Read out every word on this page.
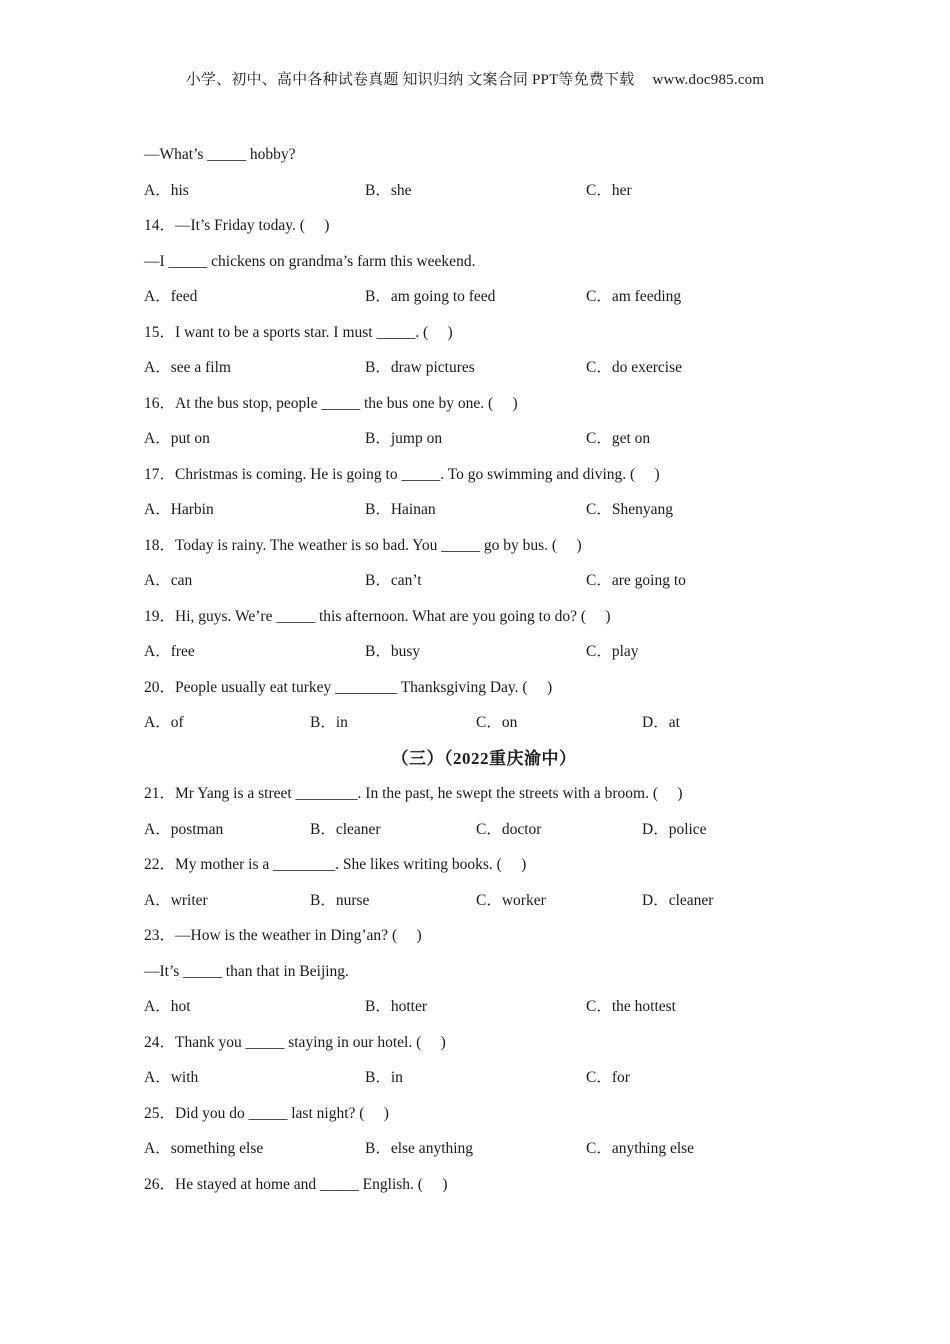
小学、初中、高中各种试卷真题 知识归纳 文案合同 PPT等免费下载 www.doc985.com
—What’s _____ hobby?
A．his	B．she	C．her
14．—It’s Friday today. (     )
—I _____ chickens on grandma’s farm this weekend.
A．feed	B．am going to feed	C．am feeding
15．I want to be a sports star. I must _____. (     )
A．see a film	B．draw pictures	C．do exercise
16．At the bus stop, people _____ the bus one by one. (     )
A．put on	B．jump on	C．get on
17．Christmas is coming. He is going to _____. To go swimming and diving. (     )
A．Harbin	B．Hainan	C．Shenyang
18．Today is rainy. The weather is so bad. You _____ go by bus. (     )
A．can	B．can’t	C．are going to
19．Hi, guys. We’re _____ this afternoon. What are you going to do? (     )
A．free	B．busy	C．play
20．People usually eat turkey ________ Thanksgiving Day. (     )
A．of	B．in	C．on	D．at
（三）（2022重庆渝中）
21．Mr Yang is a street ________. In the past, he swept the streets with a broom. (     )
A．postman	B．cleaner	C．doctor	D．police
22．My mother is a ________. She likes writing books. (     )
A．writer	B．nurse	C．worker	D．cleaner
23．—How is the weather in Ding’an? (     )
—It’s _____ than that in Beijing.
A．hot	B．hotter	C．the hottest
24．Thank you _____ staying in our hotel. (     )
A．with	B．in	C．for
25．Did you do _____ last night? (     )
A．something else	B．else anything	C．anything else
26．He stayed at home and _____ English. (     )
